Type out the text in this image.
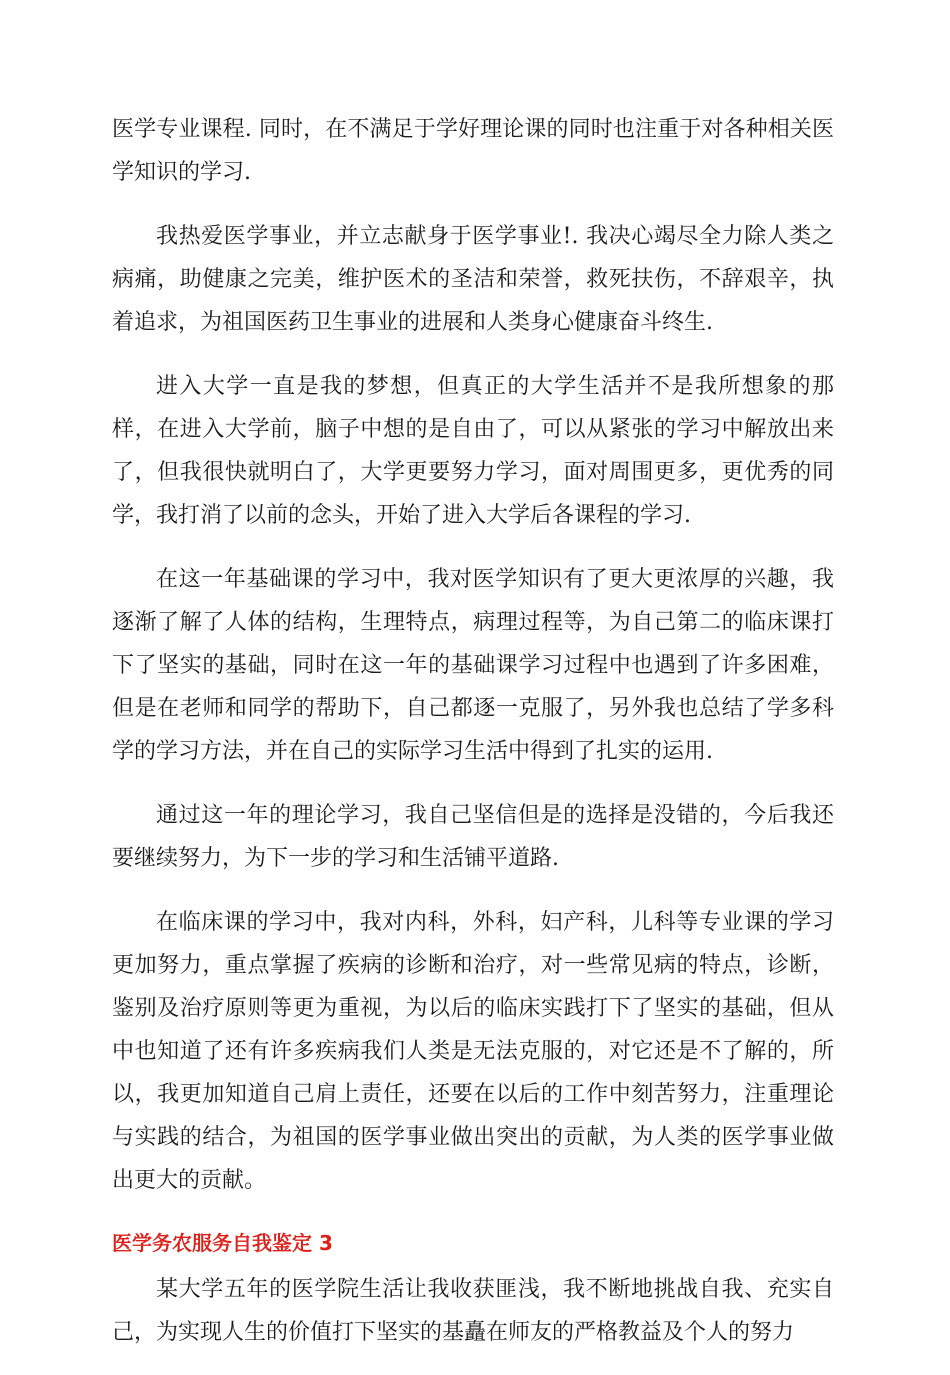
医学专业课程. 同时，在不满足于学好理论课的同时也注重于对各种相关医学知识的学习.

我热爱医学事业，并立志献身于医学事业!. 我决心竭尽全力除人类之病痛，助健康之完美，维护医术的圣洁和荣誉，救死扶伤，不辞艰辛，执着追求，为祖国医药卫生事业的进展和人类身心健康奋斗终生.

进入大学一直是我的梦想，但真正的大学生活并不是我所想象的那样，在进入大学前，脑子中想的是自由了，可以从紧张的学习中解放出来了，但我很快就明白了，大学更要努力学习，面对周围更多，更优秀的同学，我打消了以前的念头，开始了进入大学后各课程的学习.

在这一年基础课的学习中，我对医学知识有了更大更浓厚的兴趣，我逐渐了解了人体的结构，生理特点，病理过程等，为自己第二的临床课打下了坚实的基础，同时在这一年的基础课学习过程中也遇到了许多困难，但是在老师和同学的帮助下，自己都逐一克服了，另外我也总结了学多科学的学习方法，并在自己的实际学习生活中得到了扎实的运用.

通过这一年的理论学习，我自己坚信但是的选择是没错的，今后我还要继续努力，为下一步的学习和生活铺平道路.

在临床课的学习中，我对内科，外科，妇产科，儿科等专业课的学习更加努力，重点掌握了疾病的诊断和治疗，对一些常见病的特点，诊断，鉴别及治疗原则等更为重视，为以后的临床实践打下了坚实的基础，但从中也知道了还有许多疾病我们人类是无法克服的，对它还是不了解的，所以，我更加知道自己肩上责任，还要在以后的工作中刻苦努力，注重理论与实践的结合，为祖国的医学事业做出突出的贡献，为人类的医学事业做出更大的贡献。

医学务农服务自我鉴定 3

某大学五年的医学院生活让我收获匪浅，我不断地挑战自我、充实自己，为实现人生的价值打下坚实的基矗在师友的严格教益及个人的努力
